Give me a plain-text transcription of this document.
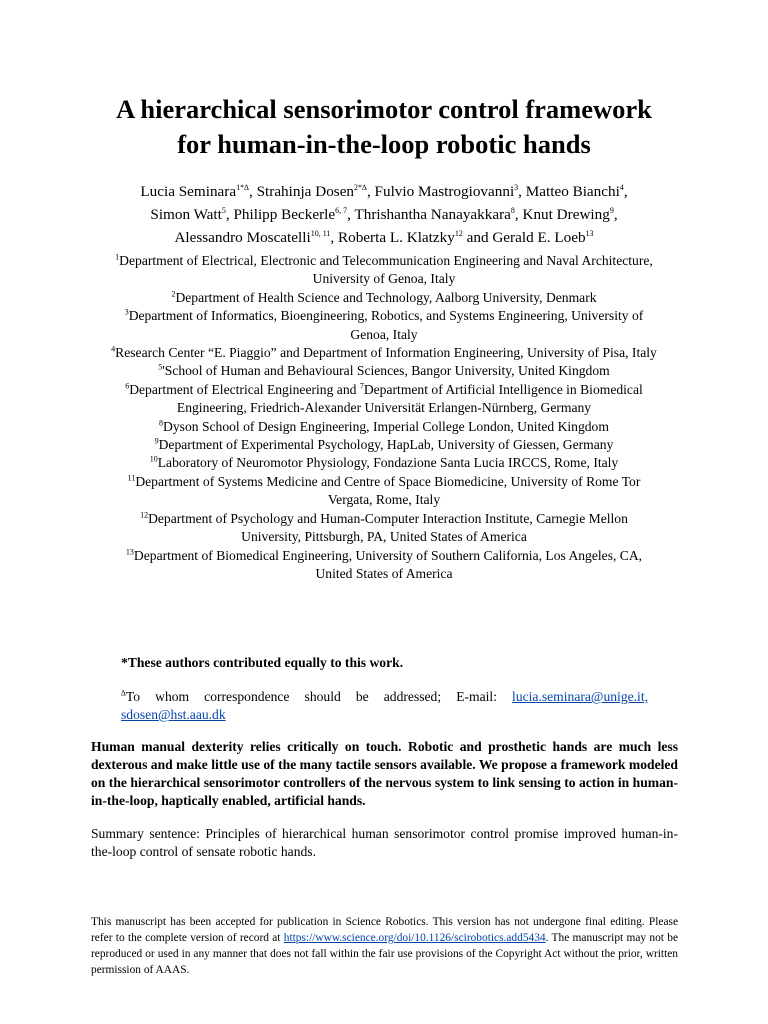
A hierarchical sensorimotor control framework
for human-in-the-loop robotic hands

Lucia Seminara$^{1*\Delta}$, Strahinja Dosen$^{2*\Delta}$, Fulvio Mastrogiovanni$^3$, Matteo Bianchi$^4$,
Simon Watt$^5$, Philipp Beckerle$^{6, 7}$, Thrishantha Nanayakkara$^8$, Knut Drewing$^9$,
Alessandro Moscatelli$^{10, 11}$, Roberta L. Klatzky$^{12}$ and Gerald E. Loeb$^{13}$

$^1$Department of Electrical, Electronic and Telecommunication Engineering and Naval Architecture, University of Genoa, Italy
$^2$Department of Health Science and Technology, Aalborg University, Denmark
$^3$Department of Informatics, Bioengineering, Robotics, and Systems Engineering, University of Genoa, Italy
$^4$Research Center “E. Piaggio” and Department of Information Engineering, University of Pisa, Italy
$^5$'School of Human and Behavioural Sciences, Bangor University, United Kingdom
$^6$Department of Electrical Engineering and $^7$Department of Artificial Intelligence in Biomedical Engineering, Friedrich-Alexander Universität Erlangen-Nürnberg, Germany
$^8$Dyson School of Design Engineering, Imperial College London, United Kingdom
$^9$Department of Experimental Psychology, HapLab, University of Giessen, Germany
$^{10}$Laboratory of Neuromotor Physiology, Fondazione Santa Lucia IRCCS, Rome, Italy
$^{11}$Department of Systems Medicine and Centre of Space Biomedicine, University of Rome Tor Vergata, Rome, Italy
$^{12}$Department of Psychology and Human-Computer Interaction Institute, Carnegie Mellon University, Pittsburgh, PA, United States of America
$^{13}$Department of Biomedical Engineering, University of Southern California, Los Angeles, CA, United States of America

*These authors contributed equally to this work.

∆To whom correspondence should be addressed; E-mail: lucia.seminara@unige.it, sdosen@hst.aau.dk

Human manual dexterity relies critically on touch. Robotic and prosthetic hands are much less dexterous and make little use of the many tactile sensors available. We propose a framework modeled on the hierarchical sensorimotor controllers of the nervous system to link sensing to action in human-in-the-loop, haptically enabled, artificial hands.

Summary sentence: Principles of hierarchical human sensorimotor control promise improved human-in-the-loop control of sensate robotic hands.

This manuscript has been accepted for publication in Science Robotics. This version has not undergone final editing. Please refer to the complete version of record at https://www.science.org/doi/10.1126/scirobotics.add5434. The manuscript may not be reproduced or used in any manner that does not fall within the fair use provisions of the Copyright Act without the prior, written permission of AAAS.
